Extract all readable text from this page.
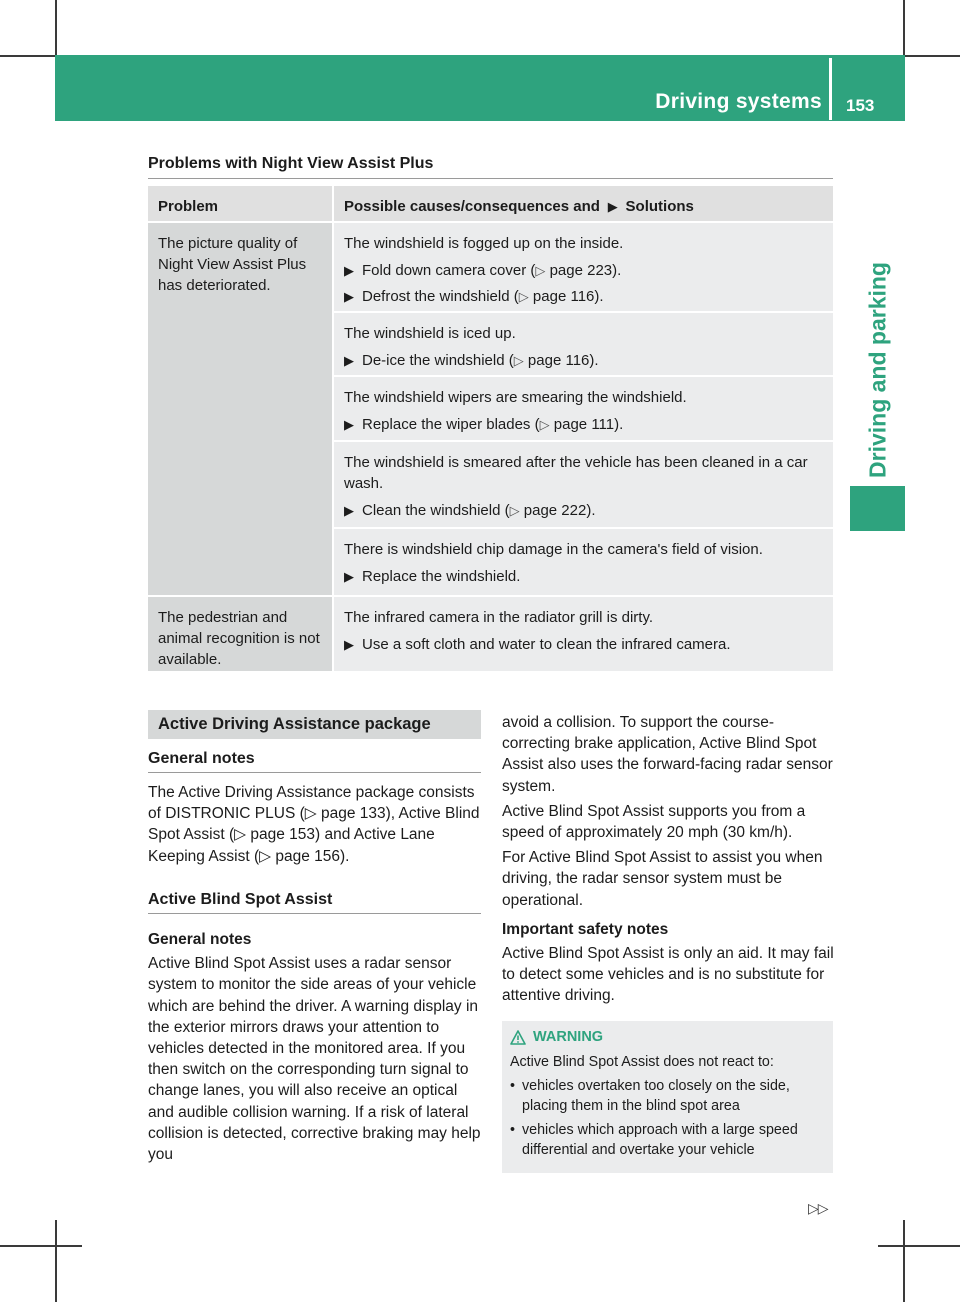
Driving systems 153
Driving and parking
Problems with Night View Assist Plus
Problem	Possible causes/consequences and  ▶  Solutions
The picture quality of Night View Assist Plus has deteriorated.
The pedestrian and animal recognition is not available.
The windshield is fogged up on the inside.
▶ Fold down camera cover (▷ page 223).
▶ Defrost the windshield (▷ page 116).
The windshield is iced up.
▶ De-ice the windshield (▷ page 116).
The windshield wipers are smearing the windshield.
▶ Replace the wiper blades (▷ page 111).
The windshield is smeared after the vehicle has been cleaned in a car wash.
▶ Clean the windshield (▷ page 222).
There is windshield chip damage in the camera's field of vision.
▶ Replace the windshield.
The infrared camera in the radiator grill is dirty.
▶ Use a soft cloth and water to clean the infrared camera.
Active Driving Assistance package
General notes

The Active Driving Assistance package consists of DISTRONIC PLUS (▷ page 133), Active Blind Spot Assist (▷ page 153) and Active Lane Keeping Assist (▷ page 156).

Active Blind Spot Assist

General notes

Active Blind Spot Assist uses a radar sensor system to monitor the side areas of your vehicle which are behind the driver. A warning display in the exterior mirrors draws your attention to vehicles detected in the monitored area. If you then switch on the corresponding turn signal to change lanes, you will also receive an optical and audible collision warning. If a risk of lateral collision is detected, corrective braking may help you

avoid a collision. To support the course-correcting brake application, Active Blind Spot Assist also uses the forward-facing radar sensor system.

Active Blind Spot Assist supports you from a speed of approximately 20 mph (30 km/h).

For Active Blind Spot Assist to assist you when driving, the radar sensor system must be operational.

Important safety notes

Active Blind Spot Assist is only an aid. It may fail to detect some vehicles and is no substitute for attentive driving.

WARNING
Active Blind Spot Assist does not react to:
• vehicles overtaken too closely on the side, placing them in the blind spot area
• vehicles which approach with a large speed differential and overtake your vehicle
▷▷
